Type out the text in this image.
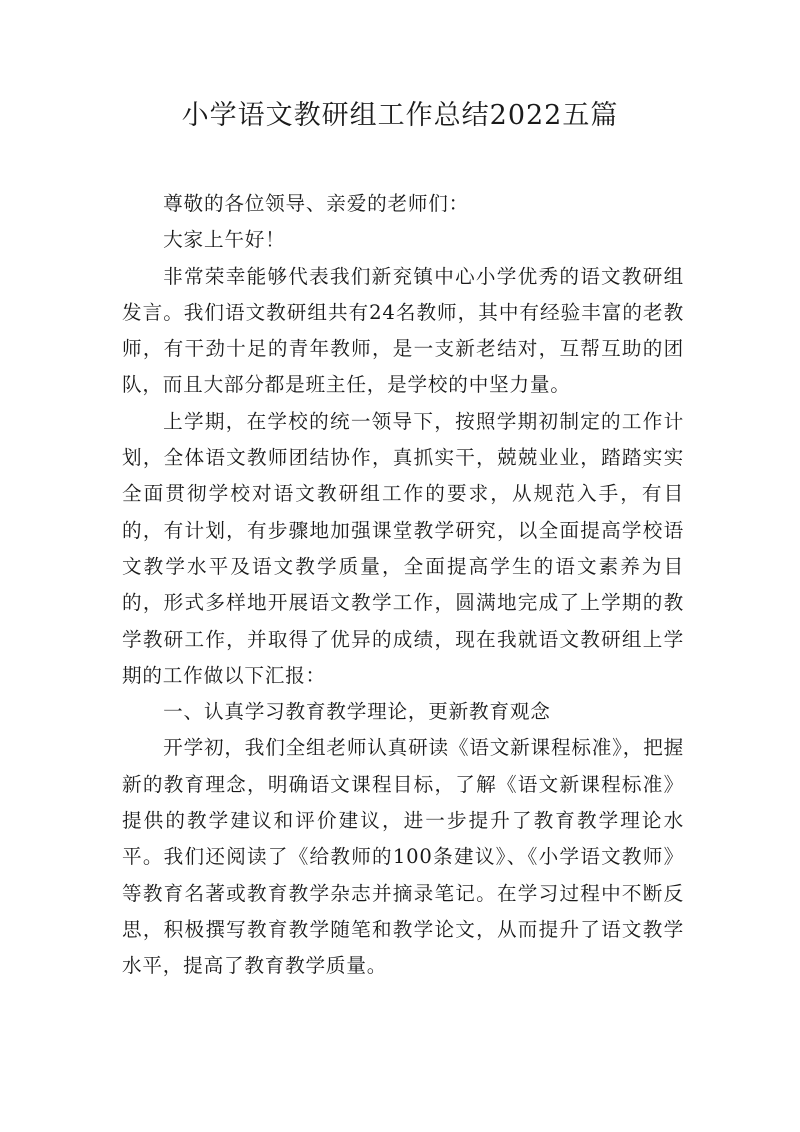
小学语文教研组工作总结2022五篇

尊敬的各位领导、亲爱的老师们：

大家上午好！

非常荣幸能够代表我们新兖镇中心小学优秀的语文教研组发言。我们语文教研组共有24名教师，其中有经验丰富的老教师，有干劲十足的青年教师，是一支新老结对，互帮互助的团队，而且大部分都是班主任，是学校的中坚力量。

上学期，在学校的统一领导下，按照学期初制定的工作计划，全体语文教师团结协作，真抓实干，兢兢业业，踏踏实实全面贯彻学校对语文教研组工作的要求，从规范入手，有目的，有计划，有步骤地加强课堂教学研究，以全面提高学校语文教学水平及语文教学质量，全面提高学生的语文素养为目的，形式多样地开展语文教学工作，圆满地完成了上学期的教学教研工作，并取得了优异的成绩，现在我就语文教研组上学期的工作做以下汇报：

一、认真学习教育教学理论，更新教育观念

开学初，我们全组老师认真研读《语文新课程标准》，把握新的教育理念，明确语文课程目标，了解《语文新课程标准》提供的教学建议和评价建议，进一步提升了教育教学理论水平。我们还阅读了《给教师的100条建议》、《小学语文教师》等教育名著或教育教学杂志并摘录笔记。在学习过程中不断反思，积极撰写教育教学随笔和教学论文，从而提升了语文教学水平，提高了教育教学质量。
